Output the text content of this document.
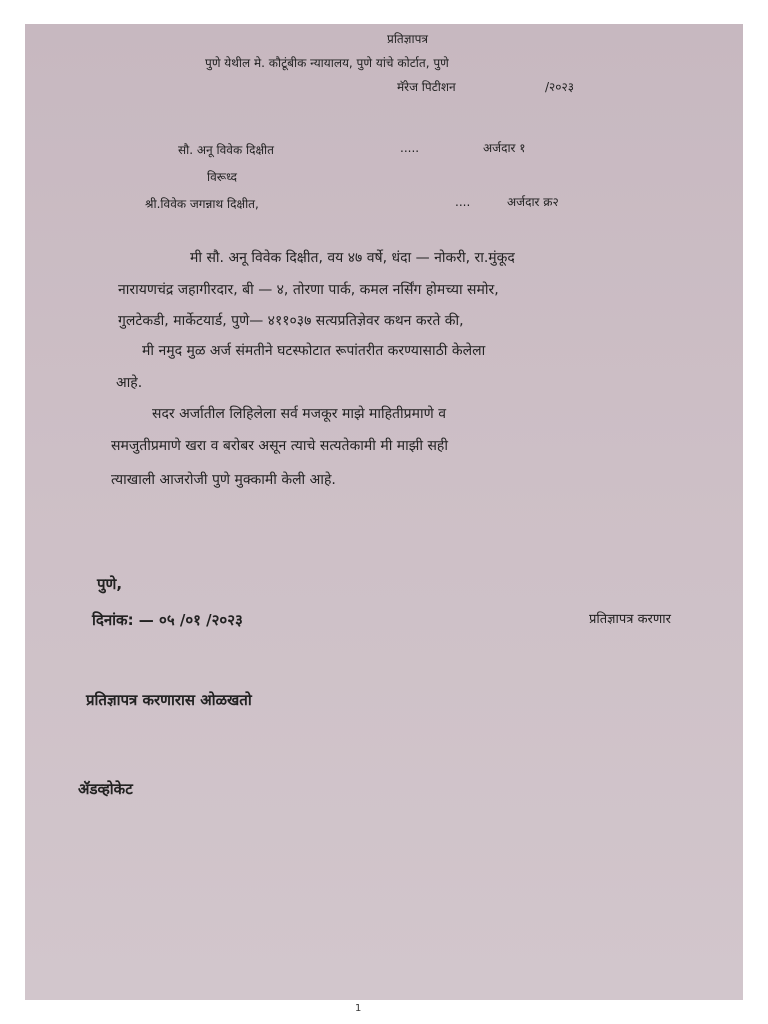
प्रतिज्ञापत्र
पुणे येथील मे. कौटूंबीक न्यायालय, पुणे यांचे कोर्टात, पुणे
मॅरेज पिटीशन	/२०२३
सौ. अनू विवेक दिक्षीत	.....	अर्जदार १
विरूध्द
श्री.विवेक जगन्नाथ दिक्षीत,	....	अर्जदार क्र२
मी सौ. अनू विवेक दिक्षीत, वय ४७ वर्षे, धंदा — नोकरी, रा.मुंकूद
नारायणचंद्र जहागीरदार, बी — ४, तोरणा पार्क, कमल नर्सिंग होमच्या समोर,
गुलटेकडी, मार्केटयार्ड, पुणे— ४११०३७ सत्यप्रतिज्ञेवर कथन करते की,
मी नमुद मुळ अर्ज संमतीने घटस्फोटात रूपांतरीत करण्यासाठी केलेला
आहे.
सदर अर्जातील लिहिलेला सर्व मजकूर माझे माहितीप्रमाणे व
समजुतीप्रमाणे खरा व बरोबर असून त्याचे सत्यतेकामी मी माझी सही
त्याखाली आजरोजी पुणे मुक्कामी केली आहे.
पुणे,
दिनांक: — ०५ /०१ /२०२३	प्रतिज्ञापत्र करणार
प्रतिज्ञापत्र करणारास ओळखतो
ॲडव्होकेट
1
